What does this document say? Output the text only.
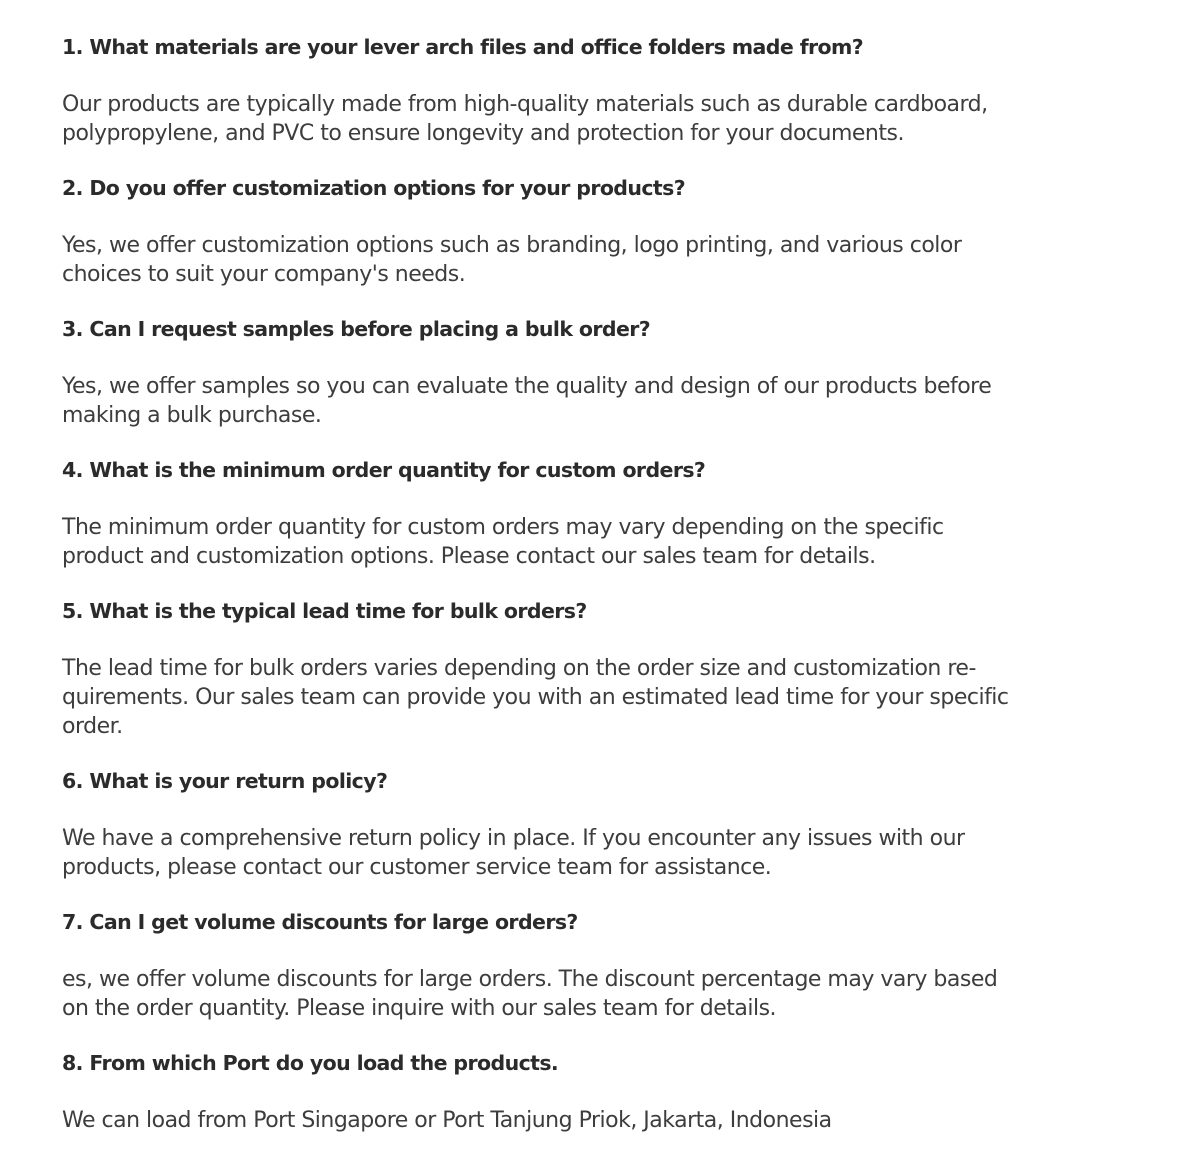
1. What materials are your lever arch files and office folders made from?
Our products are typically made from high-quality materials such as durable cardboard,
polypropylene, and PVC to ensure longevity and protection for your documents.
2. Do you offer customization options for your products?
Yes, we offer customization options such as branding, logo printing, and various color
choices to suit your company's needs.
3. Can I request samples before placing a bulk order?
Yes, we offer samples so you can evaluate the quality and design of our products before
making a bulk purchase.
4. What is the minimum order quantity for custom orders?
The minimum order quantity for custom orders may vary depending on the specific
product and customization options. Please contact our sales team for details.
5. What is the typical lead time for bulk orders?
The lead time for bulk orders varies depending on the order size and customization re-
quirements. Our sales team can provide you with an estimated lead time for your specific
order.
6. What is your return policy?
We have a comprehensive return policy in place. If you encounter any issues with our
products, please contact our customer service team for assistance.
7. Can I get volume discounts for large orders?
es, we offer volume discounts for large orders. The discount percentage may vary based
on the order quantity. Please inquire with our sales team for details.
8. From which Port do you load the products.
We can load from Port Singapore or Port Tanjung Priok, Jakarta, Indonesia
